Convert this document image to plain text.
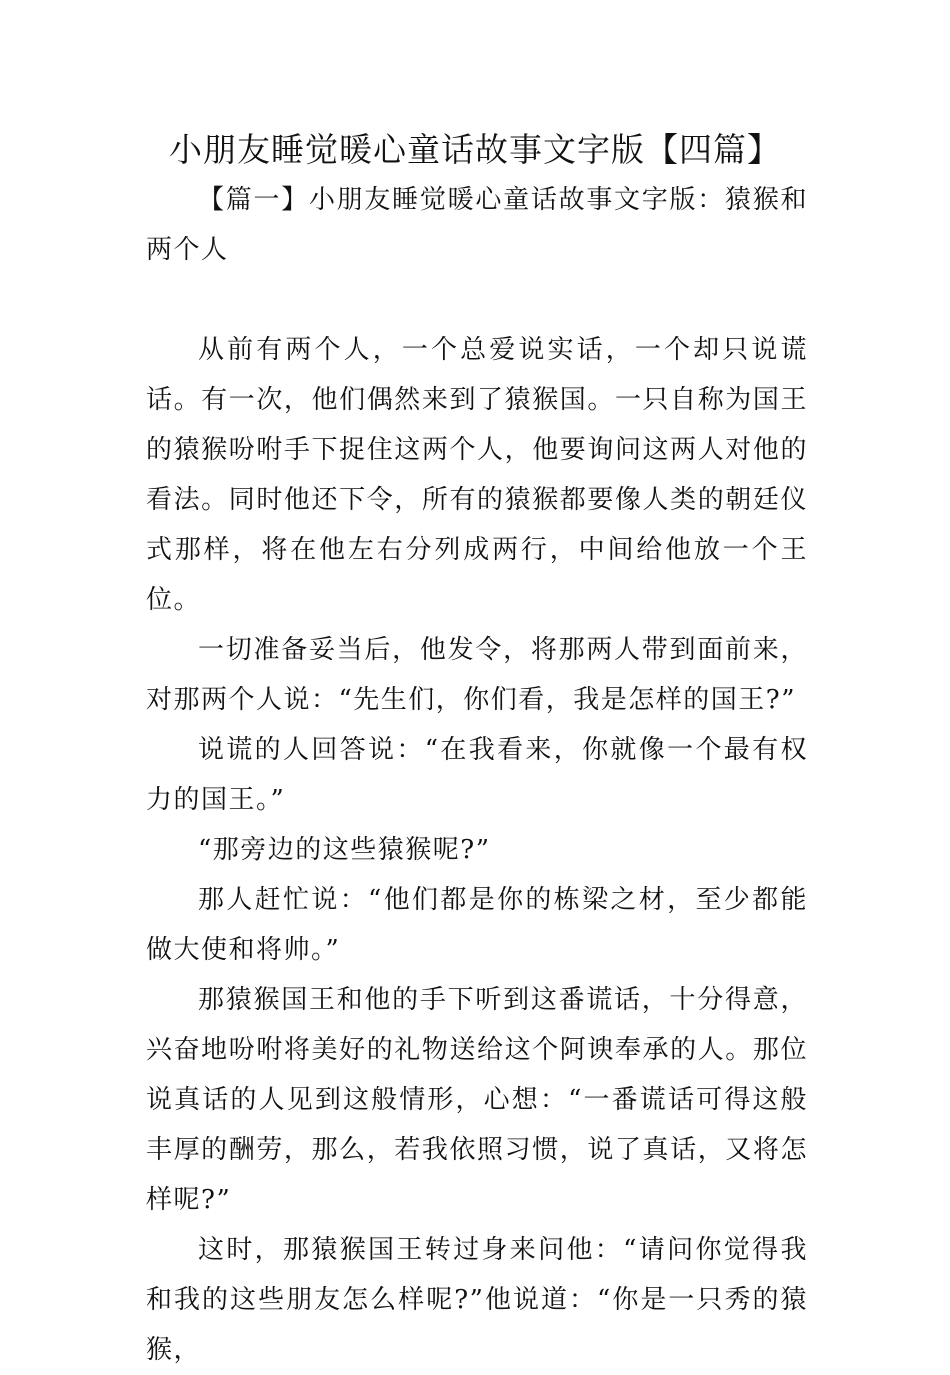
小朋友睡觉暖心童话故事文字版【四篇】

【篇一】小朋友睡觉暖心童话故事文字版：猿猴和两个人

从前有两个人，一个总爱说实话，一个却只说谎话。有一次，他们偶然来到了猿猴国。一只自称为国王的猿猴吩咐手下捉住这两个人，他要询问这两人对他的看法。同时他还下令，所有的猿猴都要像人类的朝廷仪式那样，将在他左右分列成两行，中间给他放一个王位。

一切准备妥当后，他发令，将那两人带到面前来，对那两个人说：“先生们，你们看，我是怎样的国王?”

说谎的人回答说：“在我看来，你就像一个最有权力的国王。”

“那旁边的这些猿猴呢?”

那人赶忙说：“他们都是你的栋梁之材，至少都能做大使和将帅。”

那猿猴国王和他的手下听到这番谎话，十分得意，兴奋地吩咐将美好的礼物送给这个阿谀奉承的人。那位说真话的人见到这般情形，心想：“一番谎话可得这般丰厚的酬劳，那么，若我依照习惯，说了真话，又将怎样呢?”

这时，那猿猴国王转过身来问他：“请问你觉得我和我的这些朋友怎么样呢?”他说道：“你是一只秀的猿猴，
